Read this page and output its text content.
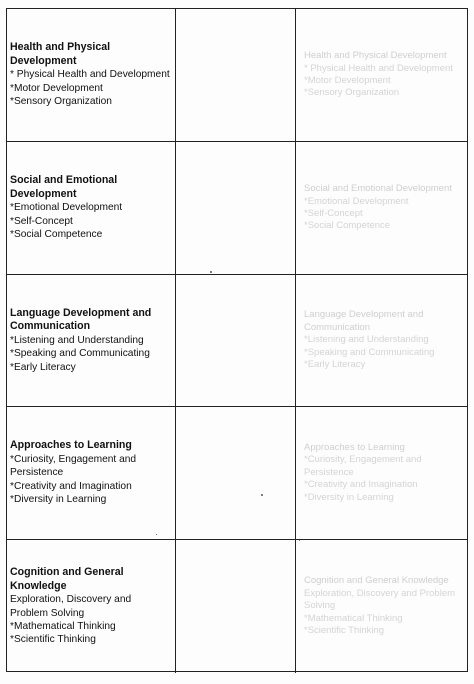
Health and Physical Development
* Physical Health and Development
*Motor Development
*Sensory Organization
Health and Physical Development
* Physical Health and Development
*Motor Development
*Sensory Organization
Social and Emotional Development
*Emotional Development
*Self-Concept
*Social Competence
Social and Emotional Development
*Emotional Development
*Self-Concept
*Social Competence
Language Development and Communication
*Listening and Understanding
*Speaking and Communicating
*Early Literacy
Language Development and Communication
*Listening and Understanding
*Speaking and Communicating
*Early Literacy
Approaches to Learning
*Curiosity, Engagement and Persistence
*Creativity and Imagination
*Diversity in Learning
Approaches to Learning
*Curiosity, Engagement and Persistence
*Creativity and Imagination
*Diversity in Learning
Cognition and General Knowledge
Exploration, Discovery and Problem Solving
*Mathematical Thinking
*Scientific Thinking
Cognition and General Knowledge
Exploration, Discovery and Problem Solving
*Mathematical Thinking
*Scientific Thinking
